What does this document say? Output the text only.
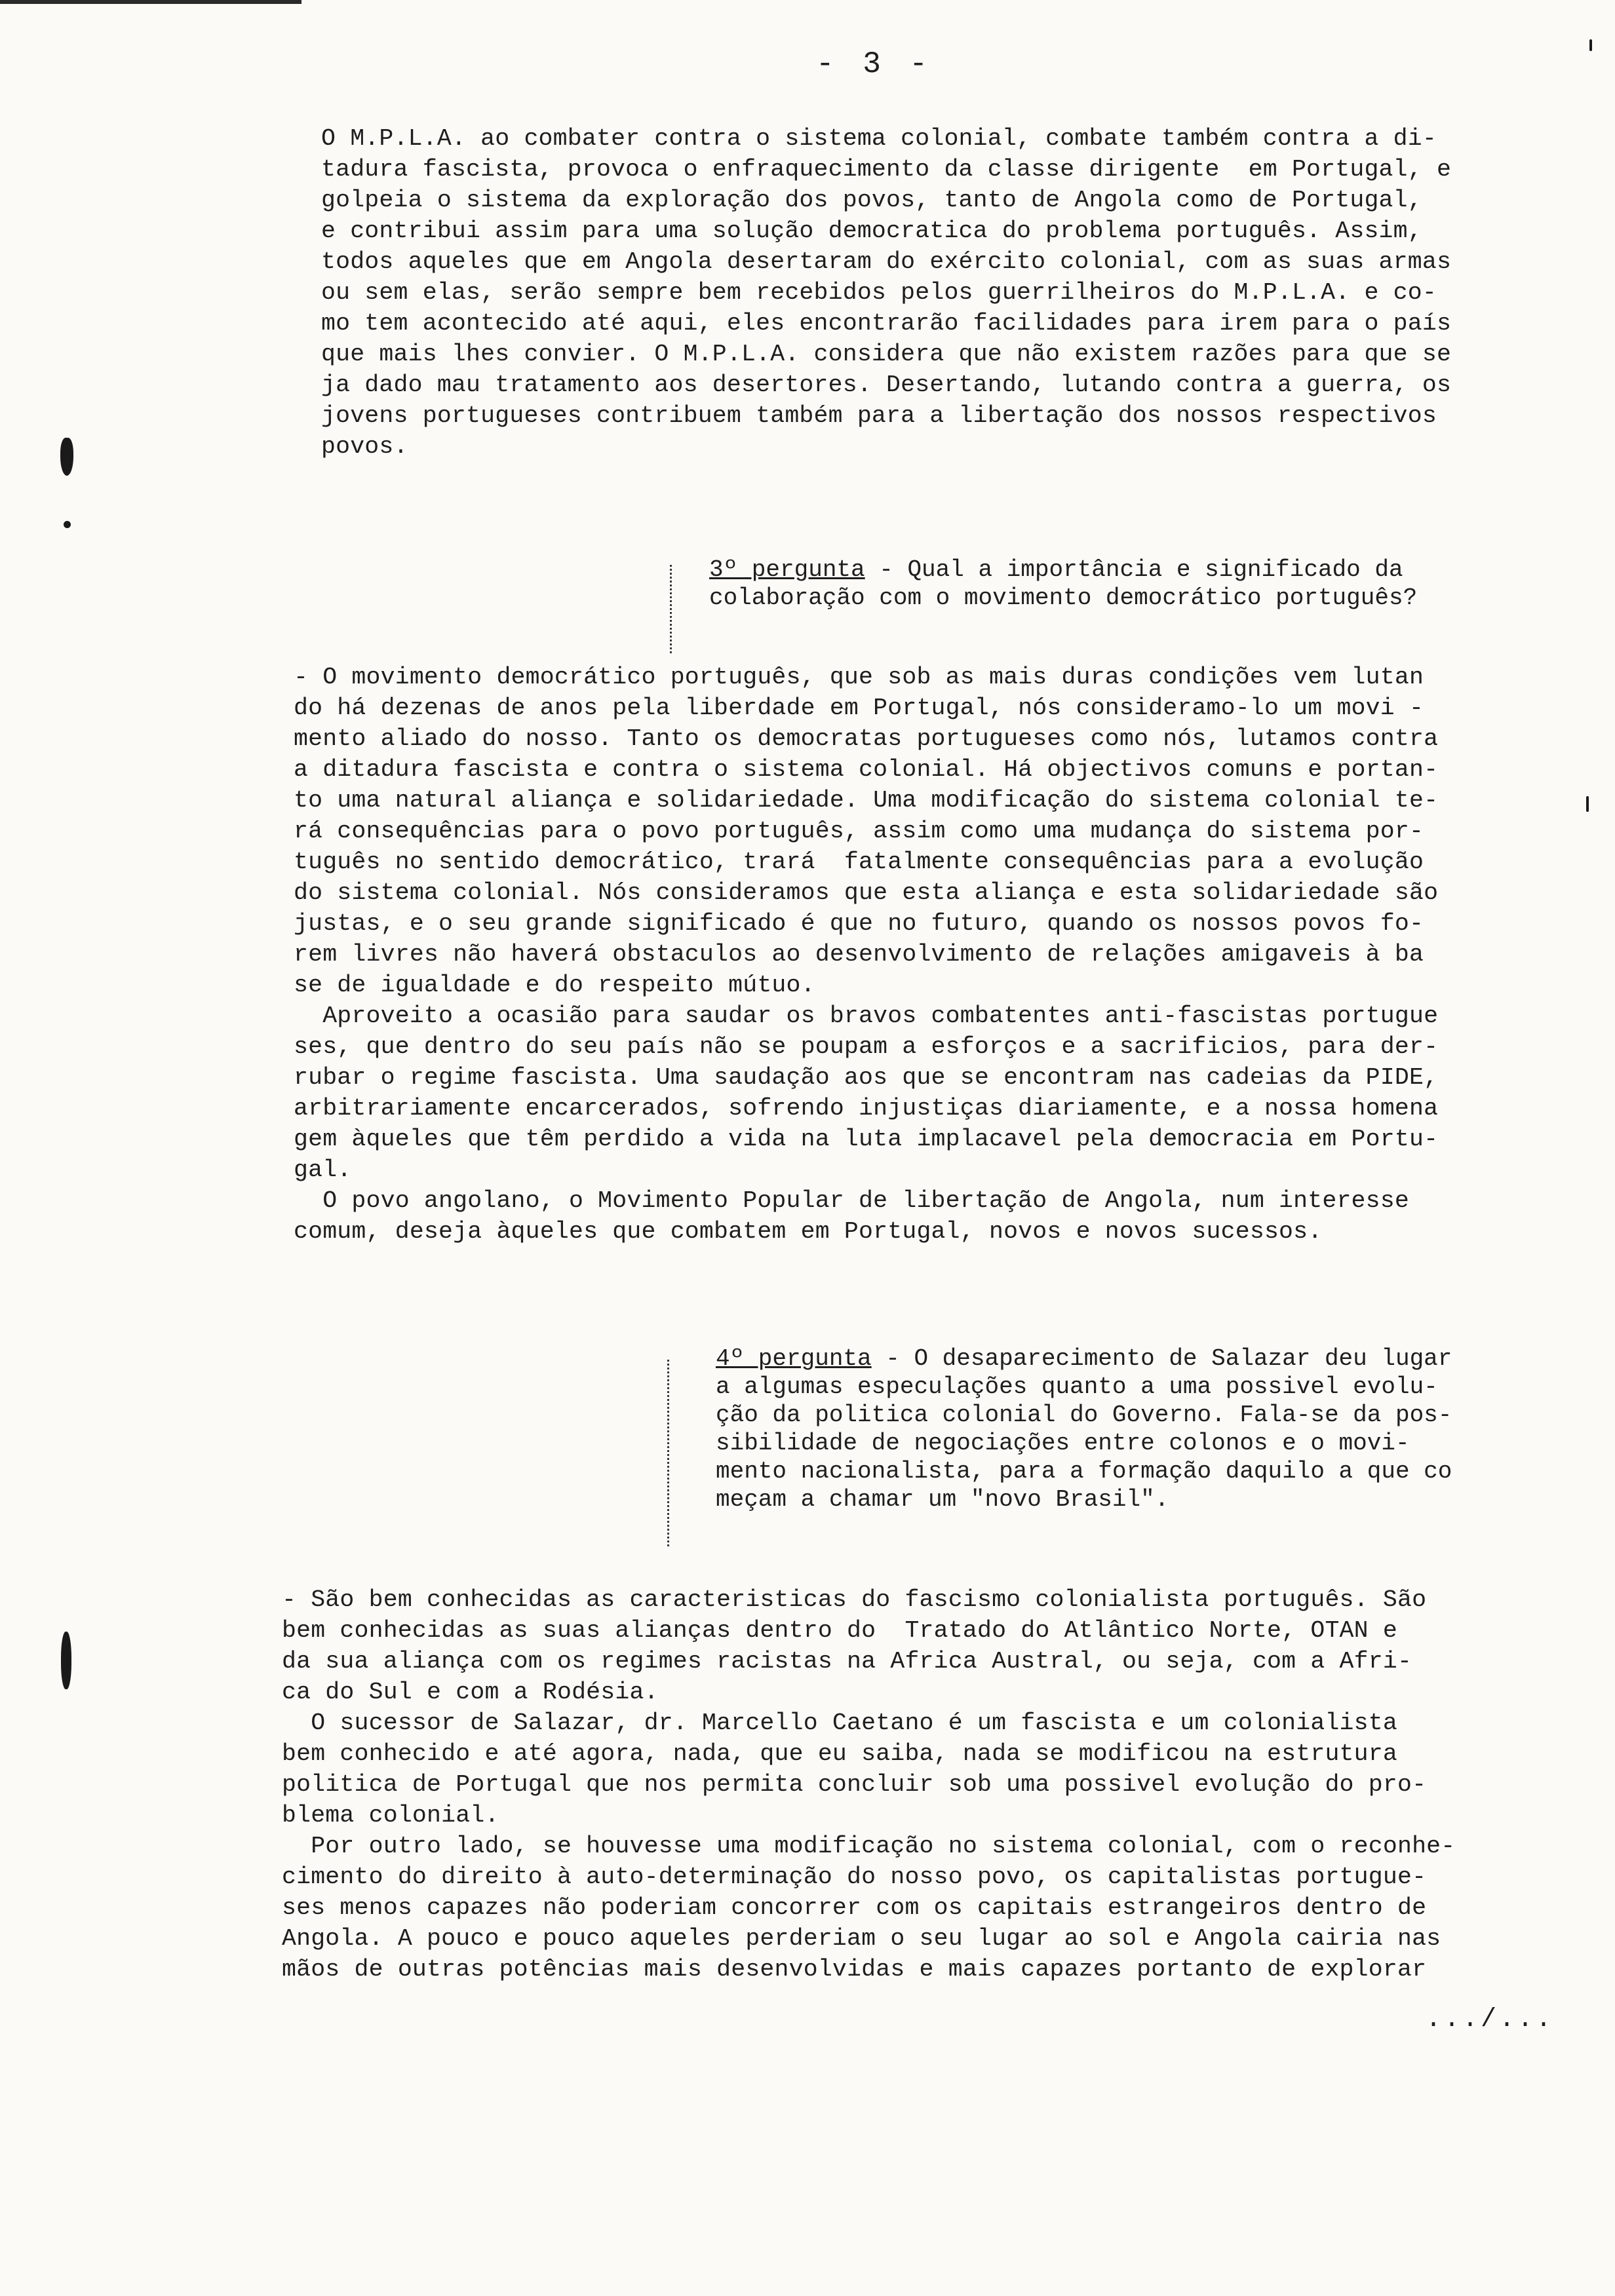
- 3 -

O M.P.L.A. ao combater contra o sistema colonial, combate também contra a di-
tadura fascista, provoca o enfraquecimento da classe dirigente  em Portugal, e
golpeia o sistema da exploração dos povos, tanto de Angola como de Portugal,
e contribui assim para uma solução democratica do problema português. Assim,
todos aqueles que em Angola desertaram do exército colonial, com as suas armas
ou sem elas, serão sempre bem recebidos pelos guerrilheiros do M.P.L.A. e co-
mo tem acontecido até aqui, eles encontrarão facilidades para irem para o país
que mais lhes convier. O M.P.L.A. considera que não existem razões para que se
ja dado mau tratamento aos desertores. Desertando, lutando contra a guerra, os
jovens portugueses contribuem também para a libertação dos nossos respectivos
povos.

3º pergunta - Qual a importância e significado da
colaboração com o movimento democrático português?

- O movimento democrático português, que sob as mais duras condições vem lutan
do há dezenas de anos pela liberdade em Portugal, nós consideramo-lo um movi -
mento aliado do nosso. Tanto os democratas portugueses como nós, lutamos contra
a ditadura fascista e contra o sistema colonial. Há objectivos comuns e portan-
to uma natural aliança e solidariedade. Uma modificação do sistema colonial te-
rá consequências para o povo português, assim como uma mudança do sistema por-
tuguês no sentido democrático, trará  fatalmente consequências para a evolução
do sistema colonial. Nós consideramos que esta aliança e esta solidariedade são
justas, e o seu grande significado é que no futuro, quando os nossos povos fo-
rem livres não haverá obstaculos ao desenvolvimento de relações amigaveis à ba
se de igualdade e do respeito mútuo.
Aproveito a ocasião para saudar os bravos combatentes anti-fascistas portugue
ses, que dentro do seu país não se poupam a esforços e a sacrificios, para der-
rubar o regime fascista. Uma saudação aos que se encontram nas cadeias da PIDE,
arbitrariamente encarcerados, sofrendo injustiças diariamente, e a nossa homena
gem àqueles que têm perdido a vida na luta implacavel pela democracia em Portu-
gal.
O povo angolano, o Movimento Popular de libertação de Angola, num interesse
comum, deseja àqueles que combatem em Portugal, novos e novos sucessos.

4º pergunta - O desaparecimento de Salazar deu lugar
a algumas especulações quanto a uma possivel evolu-
ção da politica colonial do Governo. Fala-se da pos-
sibilidade de negociações entre colonos e o movi-
mento nacionalista, para a formação daquilo a que co
meçam a chamar um "novo Brasil".

- São bem conhecidas as caracteristicas do fascismo colonialista português. São
bem conhecidas as suas alianças dentro do  Tratado do Atlântico Norte, OTAN e
da sua aliança com os regimes racistas na Africa Austral, ou seja, com a Afri-
ca do Sul e com a Rodésia.
O sucessor de Salazar, dr. Marcello Caetano é um fascista e um colonialista
bem conhecido e até agora, nada, que eu saiba, nada se modificou na estrutura
politica de Portugal que nos permita concluir sob uma possivel evolução do pro-
blema colonial.
Por outro lado, se houvesse uma modificação no sistema colonial, com o reconhe-
cimento do direito à auto-determinação do nosso povo, os capitalistas portugue-
ses menos capazes não poderiam concorrer com os capitais estrangeiros dentro de
Angola. A pouco e pouco aqueles perderiam o seu lugar ao sol e Angola cairia nas
mãos de outras potências mais desenvolvidas e mais capazes portanto de explorar

.../...
